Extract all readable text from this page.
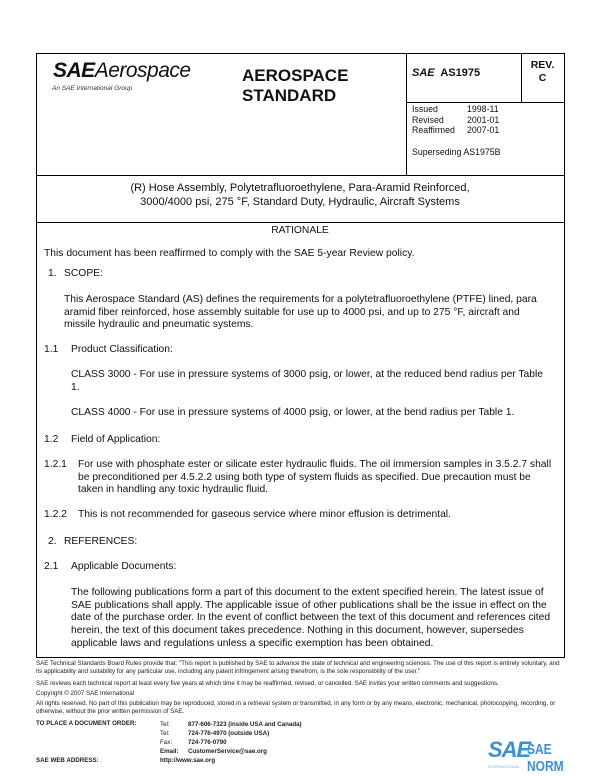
SAEAerospace
An SAE International Group
AEROSPACE
STANDARD
SAE AS1975
REV.
C
Issued	1998-11
Revised	2001-01
Reaffirmed 2007-01
Superseding AS1975B
(R) Hose Assembly, Polytetrafluoroethylene, Para-Aramid Reinforced,
3000/4000 psi, 275 °F, Standard Duty, Hydraulic, Aircraft Systems
RATIONALE
This document has been reaffirmed to comply with the SAE 5-year Review policy.
1. SCOPE:
This Aerospace Standard (AS) defines the requirements for a polytetrafluoroethylene (PTFE) lined, para aramid fiber reinforced, hose assembly suitable for use up to 4000 psi, and up to 275 °F, aircraft and missile hydraulic and pneumatic systems.
1.1 Product Classification:
CLASS 3000 - For use in pressure systems of 3000 psig, or lower, at the reduced bend radius per Table 1.
CLASS 4000 - For use in pressure systems of 4000 psig, or lower, at the bend radius per Table 1.
1.2 Field of Application:
1.2.1 For use with phosphate ester or silicate ester hydraulic fluids. The oil immersion samples in 3.5.2.7 shall be preconditioned per 4.5.2.2 using both type of system fluids as specified. Due precaution must be taken in handling any toxic hydraulic fluid.
1.2.2 This is not recommended for gaseous service where minor effusion is detrimental.
2. REFERENCES:
2.1 Applicable Documents:
The following publications form a part of this document to the extent specified herein. The latest issue of SAE publications shall apply. The applicable issue of other publications shall be the issue in effect on the date of the purchase order. In the event of conflict between the text of this document and references cited herein, the text of this document takes precedence. Nothing in this document, however, supersedes applicable laws and regulations unless a specific exemption has been obtained.
SAE Technical Standards Board Rules provide that: "This report is published by SAE to advance the state of technical and engineering sciences. The use of this report is entirely voluntary, and its applicability and suitability for any particular use, including any patent infringement arising therefrom, is the sole responsibility of the user."
SAE reviews each technical report at least every five years at which time it may be reaffirmed, revised, or cancelled. SAE invites your written comments and suggestions.
Copyright © 2007 SAE International
All rights reserved. No part of this publication may be reproduced, stored in a retrieval system or transmitted, in any form or by any means, electronic, mechanical, photocopying, recording, or otherwise, without the prior written permission of SAE.
TO PLACE A DOCUMENT ORDER:	Tel:	877-606-7323 (inside USA and Canada)
Tel:	724-776-4970 (outside USA)
Fax:	724-776-0790
Email: CustomerService@sae.org
SAE WEB ADDRESS:	http://www.sae.org	SAE
SAE NORM
INTERNATIONAL
